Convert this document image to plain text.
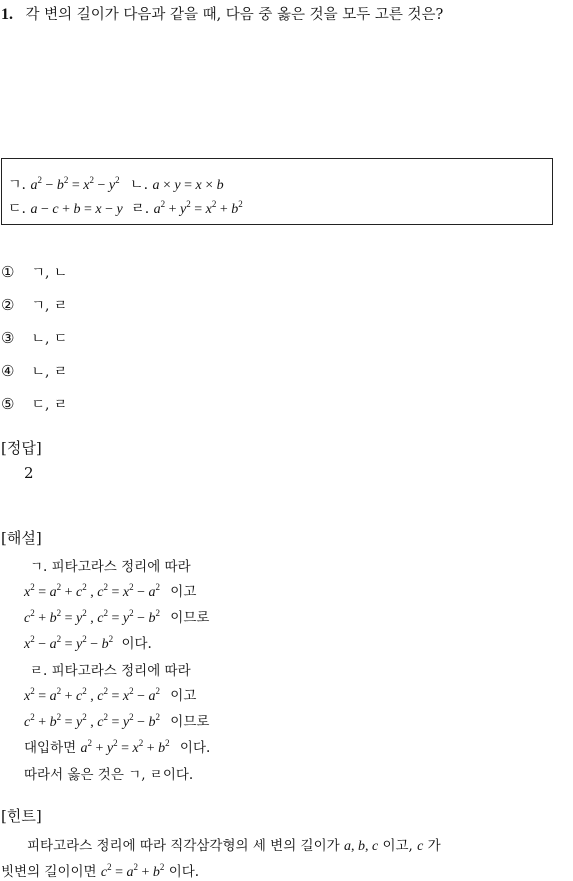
1. 각 변의 길이가 다음과 같을 때, 다음 중 옳은 것을 모두 고른 것은?
ㄱ. $a^2 - b^2 = x^2 - y^2$ ㄴ. a × y = x × b
ㄷ. a − c + b = x − y ㄹ. $a^2 + y^2 = x^2 + b^2$
① ㄱ, ㄴ
② ㄱ, ㄹ
③ ㄴ, ㄷ
④ ㄴ, ㄹ
⑤ ㄷ, ㄹ
[정답]
2
[해설]
ㄱ. 피타고라스 정리에 따라
$x^2 = a^2 + c^2$ , $c^2 = x^2 - a^2$ 이고
$c^2 + b^2 = y^2$ , $c^2 = y^2 - b^2$ 이므로
$x^2 - a^2 = y^2 - b^2$ 이다.
ㄹ. 피타고라스 정리에 따라
$x^2 = a^2 + c^2$ , $c^2 = x^2 - a^2$ 이고
$c^2 + b^2 = y^2$ , $c^2 = y^2 - b^2$ 이므로
대입하면 $a^2 + y^2 = x^2 + b^2$ 이다.
따라서 옳은 것은 ㄱ, ㄹ이다.
[힌트]
피타고라스 정리에 따라 직각삼각형의 세 변의 길이가 a, b, c 이고, c 가
빗변의 길이이면 $c^2 = a^2 + b^2$ 이다.
